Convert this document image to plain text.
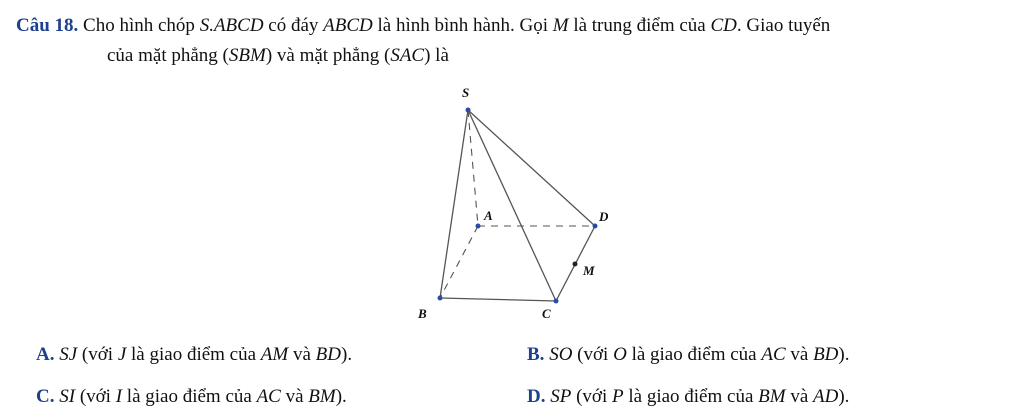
Câu 18. Cho hình chóp S.ABCD có đáy ABCD là hình bình hành. Gọi M là trung điểm của CD. Giao tuyến
của mặt phẳng (SBM) và mặt phẳng (SAC) là
S
A	D
M
B	C
A. SJ (với J là giao điểm của AM và BD).	B. SO (với O là giao điểm của AC và BD).
C. SI (với I là giao điểm của AC và BM).	D. SP (với P là giao điểm của BM và AD).
